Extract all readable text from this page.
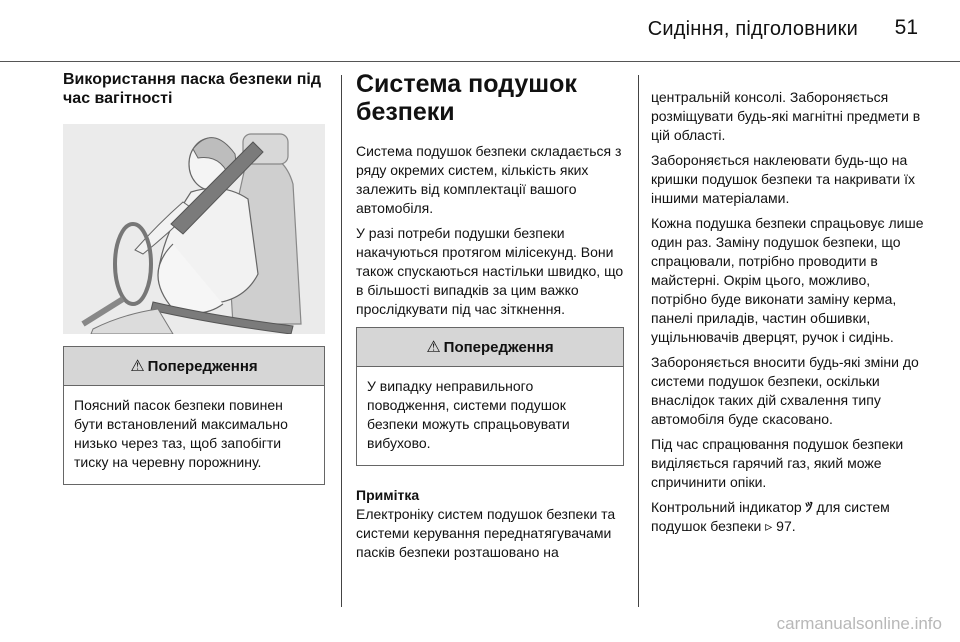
Сидіння, підголовники 51
Використання паска безпеки під час вагітності
⚠ Попередження

Поясний пасок безпеки повинен бути встановлений максимально низько через таз, щоб запобігти тиску на черевну порожнину.

Система подушок безпеки

Система подушок безпеки складається з ряду окремих систем, кількість яких залежить від комплектації вашого автомобіля.

У разі потреби подушки безпеки накачуються протягом мілісекунд. Вони також спускаються настільки швидко, що в більшості випадків за цим важко прослідкувати під час зіткнення.

⚠ Попередження

У випадку неправильного поводження, системи подушок безпеки можуть спрацьовувати вибухово.

Примітка

Електроніку систем подушок безпеки та системи керування переднатягувачами пасків безпеки розташовано на

центральній консолі. Забороняється розміщувати будь-які магнітні предмети в цій області.

Забороняється наклеювати будь-що на кришки подушок безпеки та накривати їх іншими матеріалами.

Кожна подушка безпеки спрацьовує лише один раз. Заміну подушок безпеки, що спрацювали, потрібно проводити в майстерні. Окрім цього, можливо, потрібно буде виконати заміну керма, панелі приладів, частин обшивки, ущільнювачів дверцят, ручок і сидінь.

Забороняється вносити будь-які зміни до системи подушок безпеки, оскільки внаслідок таких дій схвалення типу автомобіля буде скасовано.

Під час спрацювання подушок безпеки виділяється гарячий газ, який може спричинити опіки.

Контрольний індикатор ﾂ для систем подушок безпеки ▹ 97.

carmanualsonline.info
